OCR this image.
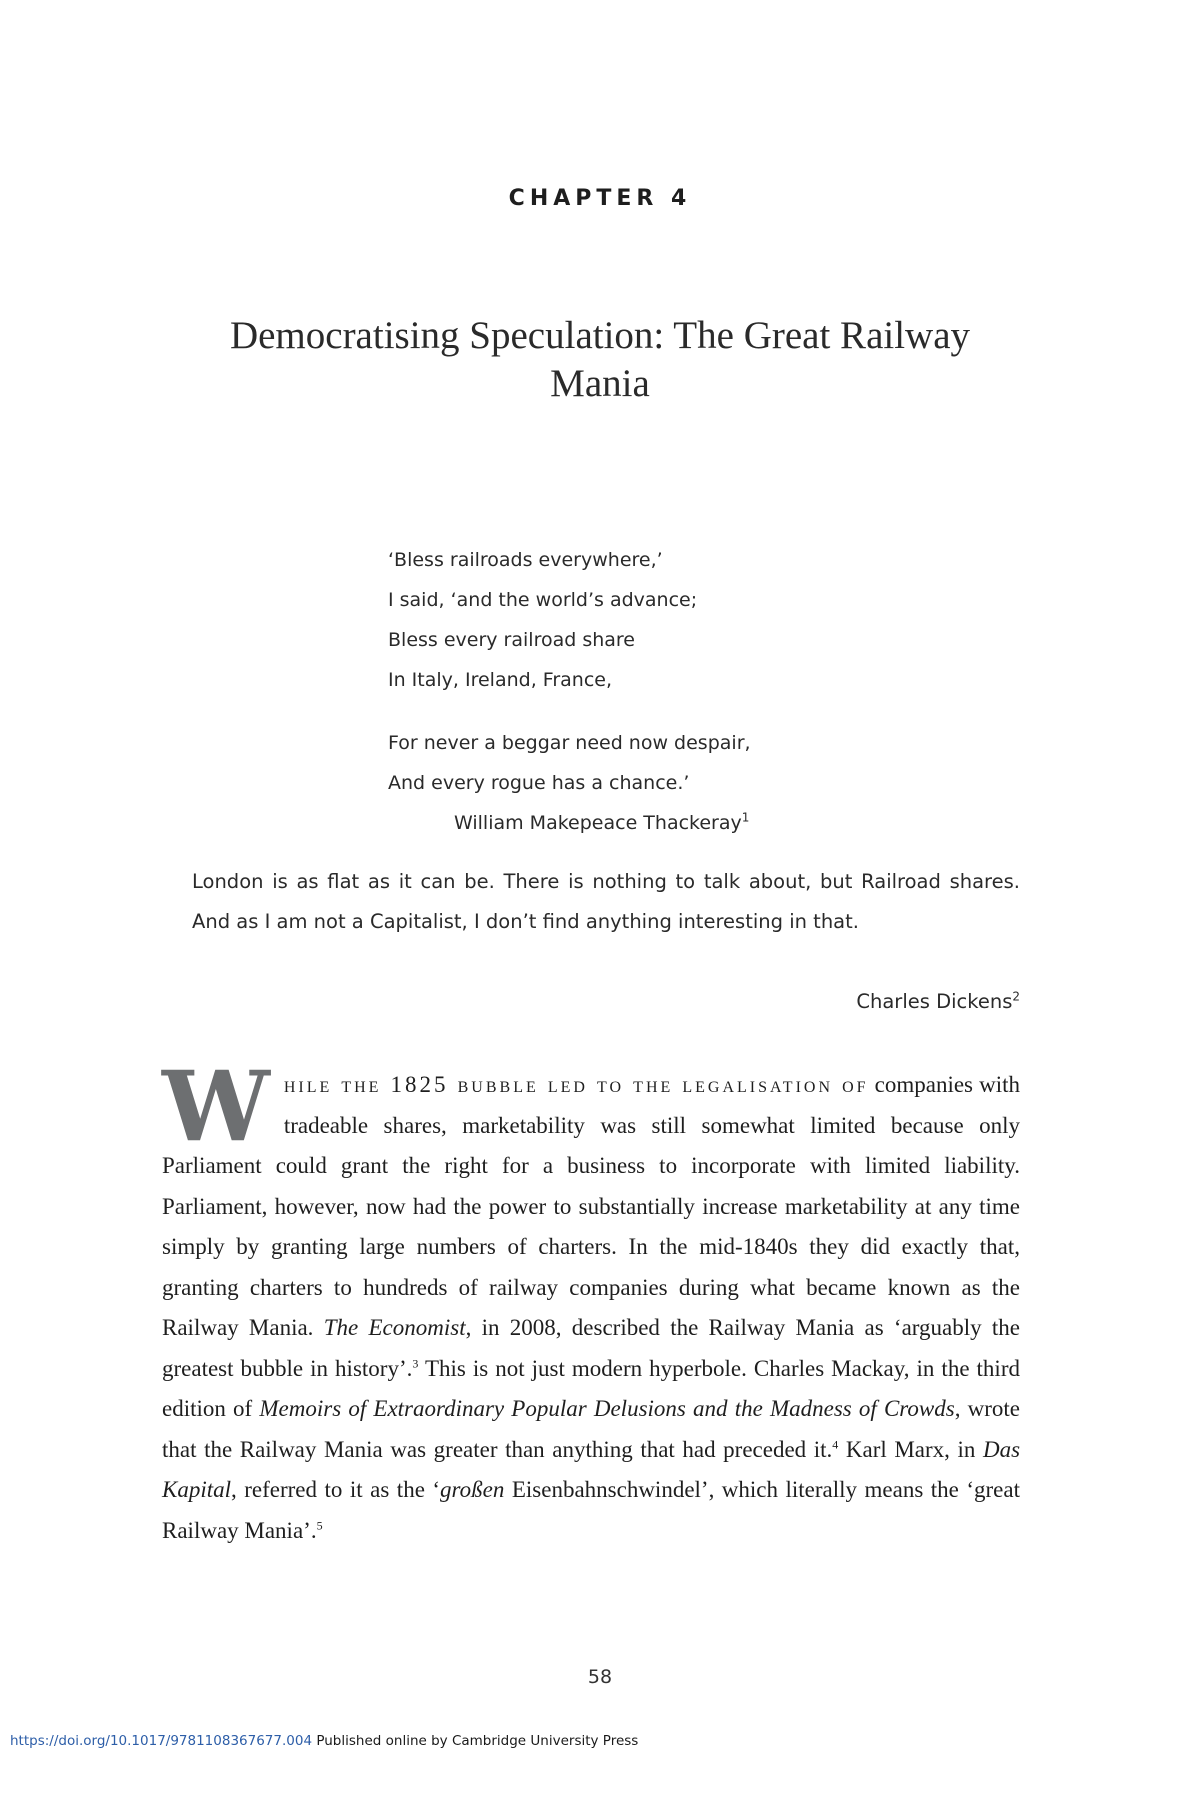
CHAPTER 4
Democratising Speculation: The Great Railway
Mania
‘Bless railroads everywhere,’
I said, ‘and the world’s advance;
Bless every railroad share
In Italy, Ireland, France,
For never a beggar need now despair,
And every rogue has a chance.’
William Makepeace Thackeray$^1$
London is as flat as it can be. There is nothing to talk about, but Railroad shares. And as I am not a Capitalist, I don’t find anything interesting in that.
Charles Dickens$^2$
While the 1825 bubble led to the legalisation of companies with tradeable shares, marketability was still somewhat limited because only Parliament could grant the right for a business to incorporate with limited liability. Parliament, however, now had the power to substantially increase marketability at any time simply by granting large numbers of charters. In the mid-1840s they did exactly that, granting charters to hundreds of railway companies during what became known as the Railway Mania. The Economist, in 2008, described the Railway Mania as ‘arguably the greatest bubble in history’.$^3$ This is not just modern hyperbole. Charles Mackay, in the third edition of Memoirs of Extraordinary Popular Delusions and the Madness of Crowds, wrote that the Railway Mania was greater than anything that had preceded it.$^4$ Karl Marx, in Das Kapital, referred to it as the ‘großen Eisenbahnschwindel’, which literally means the ‘great Railway Mania’.$^5$
58
https://doi.org/10.1017/9781108367677.004 Published online by Cambridge University Press
